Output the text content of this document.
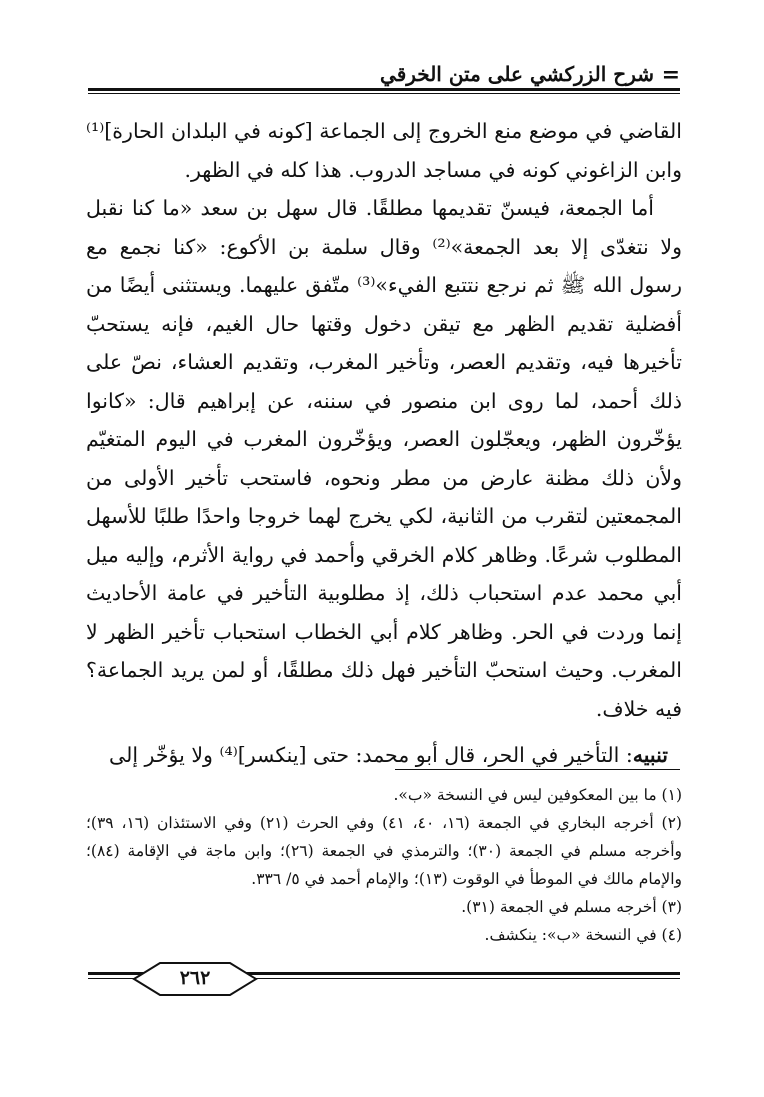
=
شرح الزركشي على متن الخرقي

القاضي في موضع منع الخروج إلى الجماعة [كونه في البلدان الحارة]⁽¹⁾ وابن الزاغوني كونه في مساجد الدروب. هذا كله في الظهر.

أما الجمعة، فيسنّ تقديمها مطلقًا. قال سهل بن سعد «ما كنا نقبل ولا نتغدّى إلا بعد الجمعة»⁽²⁾ وقال سلمة بن الأكوع: «كنا نجمع مع رسول الله ﷺ ثم نرجع نتتبع الفيء»⁽³⁾ متّفق عليهما. ويستثنى أيضًا من أفضلية تقديم الظهر مع تيقن دخول وقتها حال الغيم، فإنه يستحبّ تأخيرها فيه، وتقديم العصر، وتأخير المغرب، وتقديم العشاء، نصّ على ذلك أحمد، لما روى ابن منصور في سننه، عن إبراهيم قال: «كانوا يؤخّرون الظهر، ويعجّلون العصر، ويؤخّرون المغرب في اليوم المتغيّم ولأن ذلك مظنة عارض من مطر ونحوه، فاستحب تأخير الأولى من المجمعتين لتقرب من الثانية، لكي يخرج لهما خروجا واحدًا طلبًا للأسهل المطلوب شرعًا. وظاهر كلام الخرقي وأحمد في رواية الأثرم، وإليه ميل أبي محمد عدم استحباب ذلك، إذ مطلوبية التأخير في عامة الأحاديث إنما وردت في الحر. وظاهر كلام أبي الخطاب استحباب تأخير الظهر لا المغرب. وحيث استحبّ التأخير فهل ذلك مطلقًا، أو لمن يريد الجماعة؟ فيه خلاف.

تنبيه: التأخير في الحر، قال أبو محمد: حتى [ينكسر]⁽⁴⁾ ولا يؤخّر إلى

(١) ما بين المعكوفين ليس في النسخة «ب».

(٢) أخرجه البخاري في الجمعة (١٦، ٤٠، ٤١) وفي الحرث (٢١) وفي الاستئذان (١٦، ٣٩)؛ وأخرجه مسلم في الجمعة (٣٠)؛ والترمذي في الجمعة (٢٦)؛ وابن ماجة في الإقامة (٨٤)؛ والإمام مالك في الموطأ في الوقوت (١٣)؛ والإمام أحمد في ٥/ ٣٣٦.

(٣) أخرجه مسلم في الجمعة (٣١).

(٤) في النسخة «ب»: ينكشف.

٢٦٢
